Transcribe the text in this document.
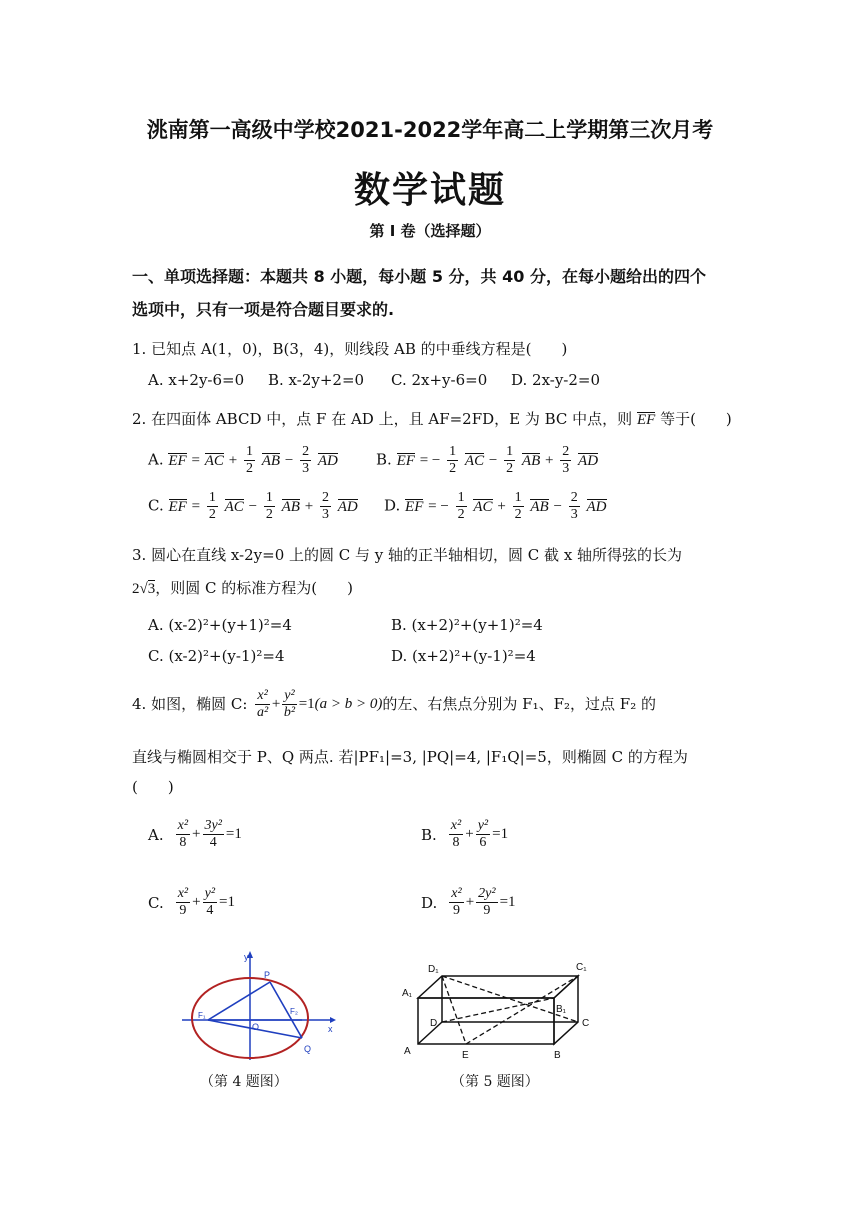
洮南第一高级中学校2021-2022学年高二上学期第三次月考
数学试题
第 I 卷（选择题）
一、单项选择题：本题共 8 小题，每小题 5 分，共 40 分，在每小题给出的四个
选项中，只有一项是符合题目要求的.
1. 已知点 A(1，0)，B(3，4)，则线段 AB 的中垂线方程是(　　)
A. x+2y-6=0 B. x-2y+2=0 C. 2x+y-6=0 D. 2x-y-2=0
2. 在四面体 ABCD 中，点 F 在 AD 上，且 AF=2FD，E 为 BC 中点，则 EF 等于(　　)
A. EF = AC + $\frac{1}{2}$ AB − $\frac{2}{3}$ AD	B. EF = − $\frac{1}{2}$ AC − $\frac{1}{2}$ AB + $\frac{2}{3}$ AD
C. EF = $\frac{1}{2}$ AC − $\frac{1}{2}$ AB + $\frac{2}{3}$ AD D. EF = − $\frac{1}{2}$ AC + $\frac{1}{2}$ AB − $\frac{2}{3}$ AD
3. 圆心在直线 x-2y=0 上的圆 C 与 y 轴的正半轴相切，圆 C 截 x 轴所得弦的长为
2√3，则圆 C 的标准方程为(　　)
A. (x-2)²+(y+1)²=4	B. (x+2)²+(y+1)²=4
C. (x-2)²+(y-1)²=4	D. (x+2)²+(y-1)²=4
4. 如图，椭圆 C: $\frac{\text{x²}}{\text{a²}} + \frac{\text{y²}}{\text{b²}} =1$ (a > b > 0) 的左、右焦点分别为 F₁、F₂，过点 F₂ 的
直线与椭圆相交于 P、Q 两点. 若|PF₁|=3, |PQ|=4, |F₁Q|=5，则椭圆 C 的方程为
(　　)
A. $\frac{\text{x²}}{8} + \frac{\text{3y²}}{4} =1$	B. $\frac{\text{x²}}{8} + \frac{\text{y²}}{6} =1$
C. $\frac{\text{x²}}{9} + \frac{\text{y²}}{4} =1$	D. $\frac{\text{x²}}{9} + \frac{\text{2y²}}{9} =1$
y
x
O
P
Q
F₁	F₂
（第 4 题图）
A₁
D₁	C₁
B₁
D	C
A	B
E
（第 5 题图）
